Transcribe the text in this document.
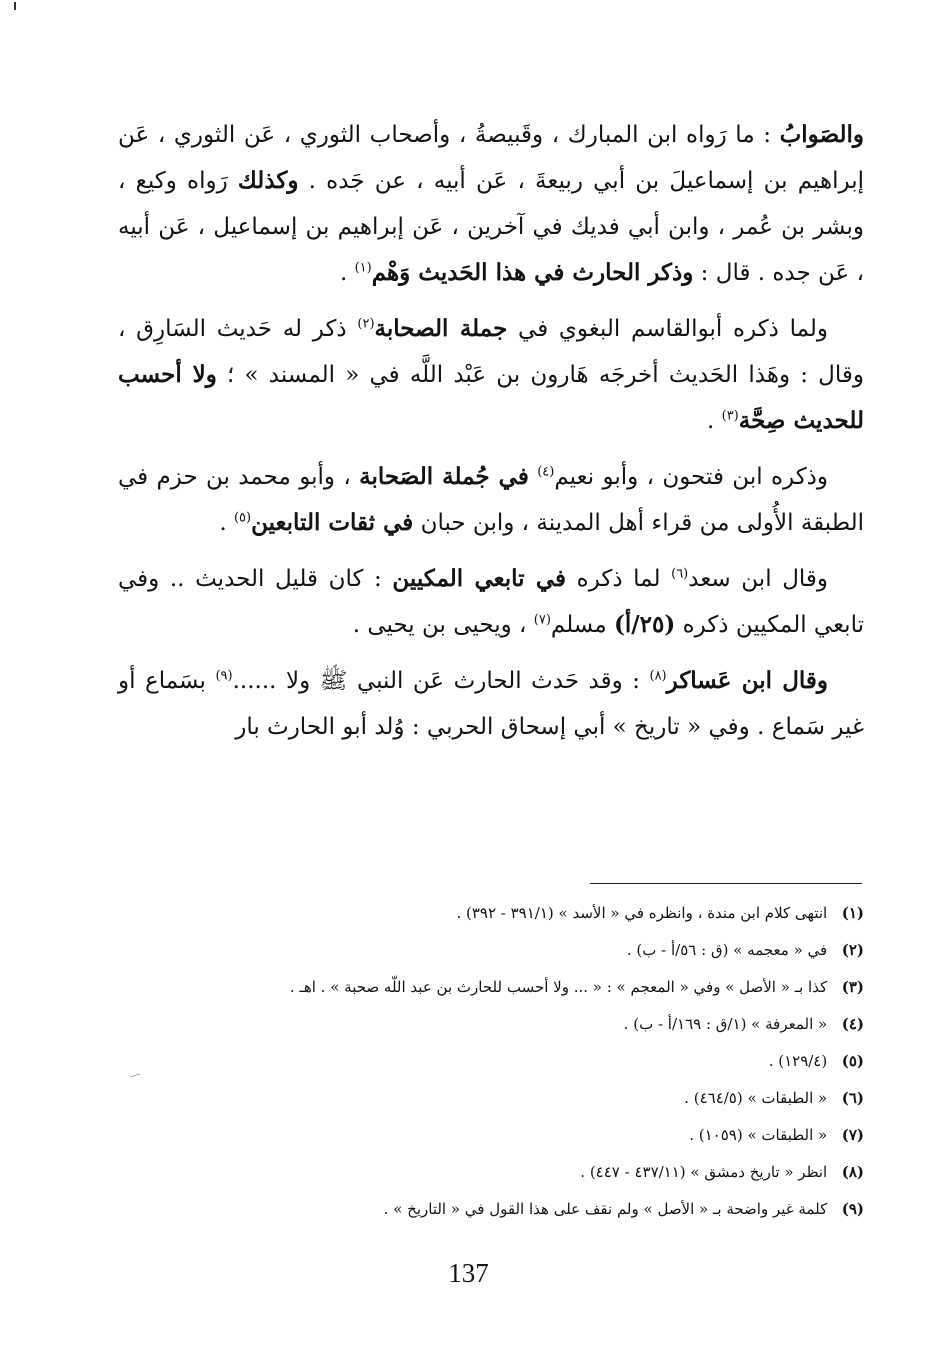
والصَوابُ : ما رَواه ابن المبارك ، وقَبيصةُ ، وأصحاب الثوري ، عَن الثوري ، عَن إبراهيم بن إسماعيلَ بن أبي ربيعةَ ، عَن أبيه ، عن جَده . وكذلك رَواه وكيع ، وبشر بن عُمر ، وابن أبي فديك في آخرين ، عَن إبراهيم بن إسماعيل ، عَن أبيه ، عَن جده . قال : وذكر الحارث في هذا الحَديث وَهْم$^{(١)}$ .

ولما ذكره أبوالقاسم البغوي في جملة الصحابة$^{(٢)}$ ذكر له حَديث السَارِق ، وقال : وهَذا الحَديث أخرجَه هَارون بن عَبْد اللَّه في « المسند » ؛ ولا أحسب للحديث صِحَّة$^{(٣)}$ .

وذكره ابن فتحون ، وأبو نعيم$^{(٤)}$ في جُملة الصَحابة ، وأبو محمد بن حزم في الطبقة الأُولى من قراء أهل المدينة ، وابن حبان في ثقات التابعين$^{(٥)}$ .

وقال ابن سعد$^{(٦)}$ لما ذكره في تابعي المكيين : كان قليل الحديث .. وفي تابعي المكيين ذكره (٢٥/أ) مسلم$^{(٧)}$ ، ويحيى بن يحيى .

وقال ابن عَساكر$^{(٨)}$ : وقد حَدث الحارث عَن النبي ﷺ ولا ......$^{(٩)}$ بسَماع أو غير سَماع . وفي « تاريخ » أبي إسحاق الحربي : وُلد أبو الحارث بار

(١) انتهى كلام ابن مندة ، وانظره في « الأسد » (٣٩١/١ - ٣٩٢) .
(٢) في « معجمه » (ق : ٥٦/أ - ب) .
(٣) كذا بـ « الأصل » وفي « المعجم » : « ... ولا أحسب للحارث بن عبد اللّه صحبة » . اهـ .
(٤) « المعرفة » (١/ق : ١٦٩/أ - ب) .
(٥) (١٢٩/٤) .
(٦) « الطبقات » (٤٦٤/٥) .
(٧) « الطبقات » (١٠٥٩) .
(٨) انظر « تاريخ دمشق » (٤٣٧/١١ - ٤٤٧) .
(٩) كلمة غير واضحة بـ « الأصل » ولم نقف على هذا القول في « التاريخ » .
137
